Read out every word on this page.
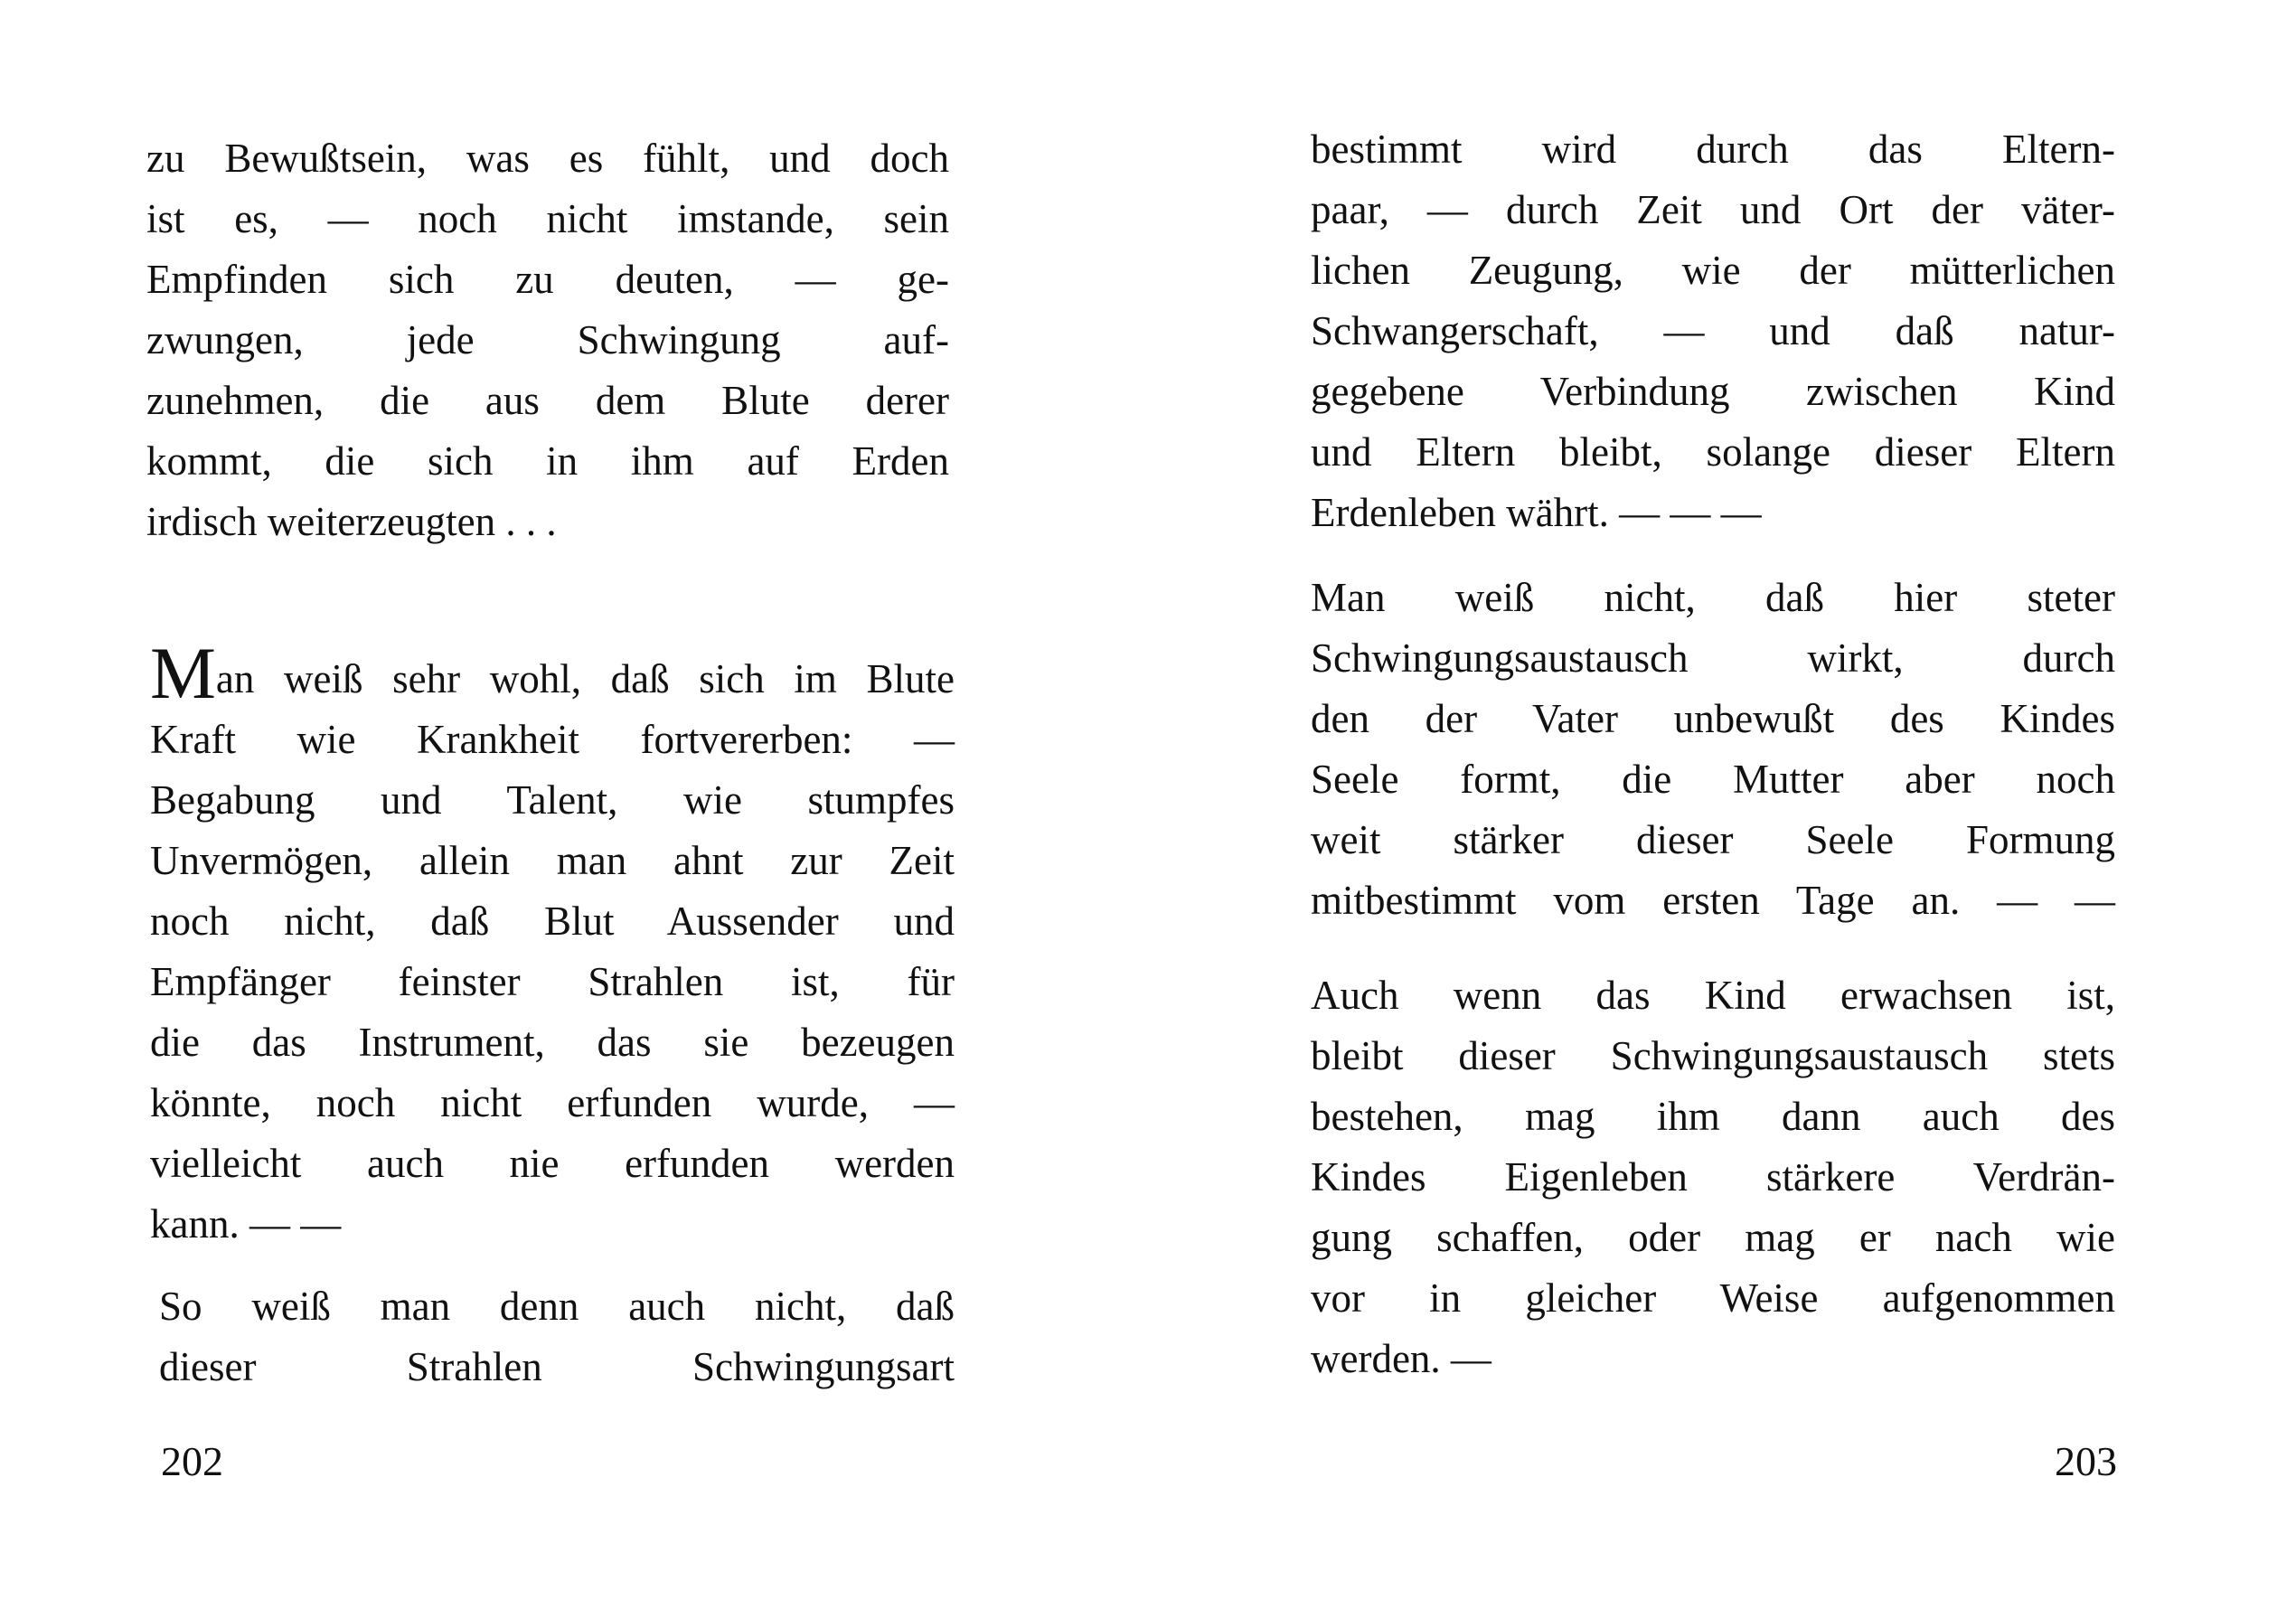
zu Bewußtsein, was es fühlt, und doch
ist es, — noch nicht imstande, sein
Empfinden sich zu deuten, — ge-
zwungen, jede Schwingung auf-
zunehmen, die aus dem Blute derer
kommt, die sich in ihm auf Erden
irdisch weiterzeugten . . .
Man weiß sehr wohl, daß sich im Blute
Kraft wie Krankheit fortvererben: —
Begabung und Talent, wie stumpfes
Unvermögen, allein man ahnt zur Zeit
noch nicht, daß Blut Aussender und
Empfänger feinster Strahlen ist, für
die das Instrument, das sie bezeugen
könnte, noch nicht erfunden wurde, —
vielleicht auch nie erfunden werden
kann. — —
So weiß man denn auch nicht, daß
dieser Strahlen Schwingungsart
202
bestimmt wird durch das Eltern-
paar, — durch Zeit und Ort der väter-
lichen Zeugung, wie der mütterlichen
Schwangerschaft, — und daß natur-
gegebene Verbindung zwischen Kind
und Eltern bleibt, solange dieser Eltern
Erdenleben währt. — — —
Man weiß nicht, daß hier steter
Schwingungsaustausch wirkt, durch
den der Vater unbewußt des Kindes
Seele formt, die Mutter aber noch
weit stärker dieser Seele Formung
mitbestimmt vom ersten Tage an. — —
Auch wenn das Kind erwachsen ist,
bleibt dieser Schwingungsaustausch stets
bestehen, mag ihm dann auch des
Kindes Eigenleben stärkere Verdrän-
gung schaffen, oder mag er nach wie
vor in gleicher Weise aufgenommen
werden. —
203
